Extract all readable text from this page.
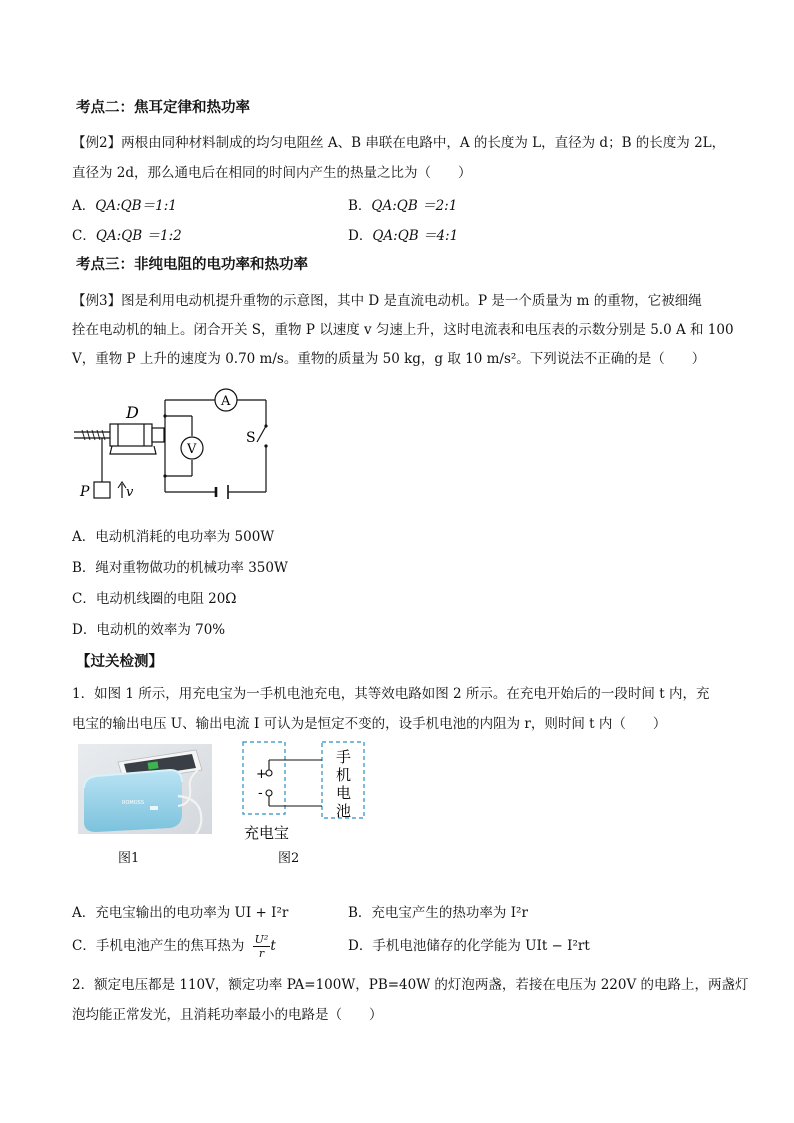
考点二：焦耳定律和热功率
【例2】两根由同种材料制成的均匀电阻丝 A、B 串联在电路中，A 的长度为 L，直径为 d；B 的长度为 2L，
直径为 2d，那么通电后在相同的时间内产生的热量之比为（　　）
A．QA:QB＝1:1	B．QA:QB ＝2:1
C．QA:QB ＝1:2	D．QA:QB ＝4:1
考点三：非纯电阻的电功率和热功率
【例3】图是利用电动机提升重物的示意图，其中 D 是直流电动机。P 是一个质量为 m 的重物，它被细绳
拴在电动机的轴上。闭合开关 S，重物 P 以速度 v 匀速上升，这时电流表和电压表的示数分别是 5.0 A 和 100
V，重物 P 上升的速度为 0.70 m/s。重物的质量为 50 kg，g 取 10 m/s²。下列说法不正确的是（　　）
D
A
V
S
P	v
A．电动机消耗的电功率为 500W
B．绳对重物做功的机械功率 350W
C．电动机线圈的电阻 20Ω
D．电动机的效率为 70%
【过关检测】
1．如图 1 所示，用充电宝为一手机电池充电，其等效电路如图 2 所示。在充电开始后的一段时间 t 内，充
电宝的输出电压 U、输出电流 I 可认为是恒定不变的，设手机电池的内阻为 r，则时间 t 内（　　）
ROMOSS
图1
+
-
手
机
电
池
充电宝
图2
A．充电宝输出的电功率为 UI + I²r	B．充电宝产生的热功率为 I²r
C．手机电池产生的焦耳热为 $\frac{\text{U²}}{r}$ t	D．手机电池储存的化学能为 UIt − I²rt
2．额定电压都是 110V，额定功率 PA=100W，PB=40W 的灯泡两盏，若接在电压为 220V 的电路上，两盏灯
泡均能正常发光，且消耗功率最小的电路是（　　）
